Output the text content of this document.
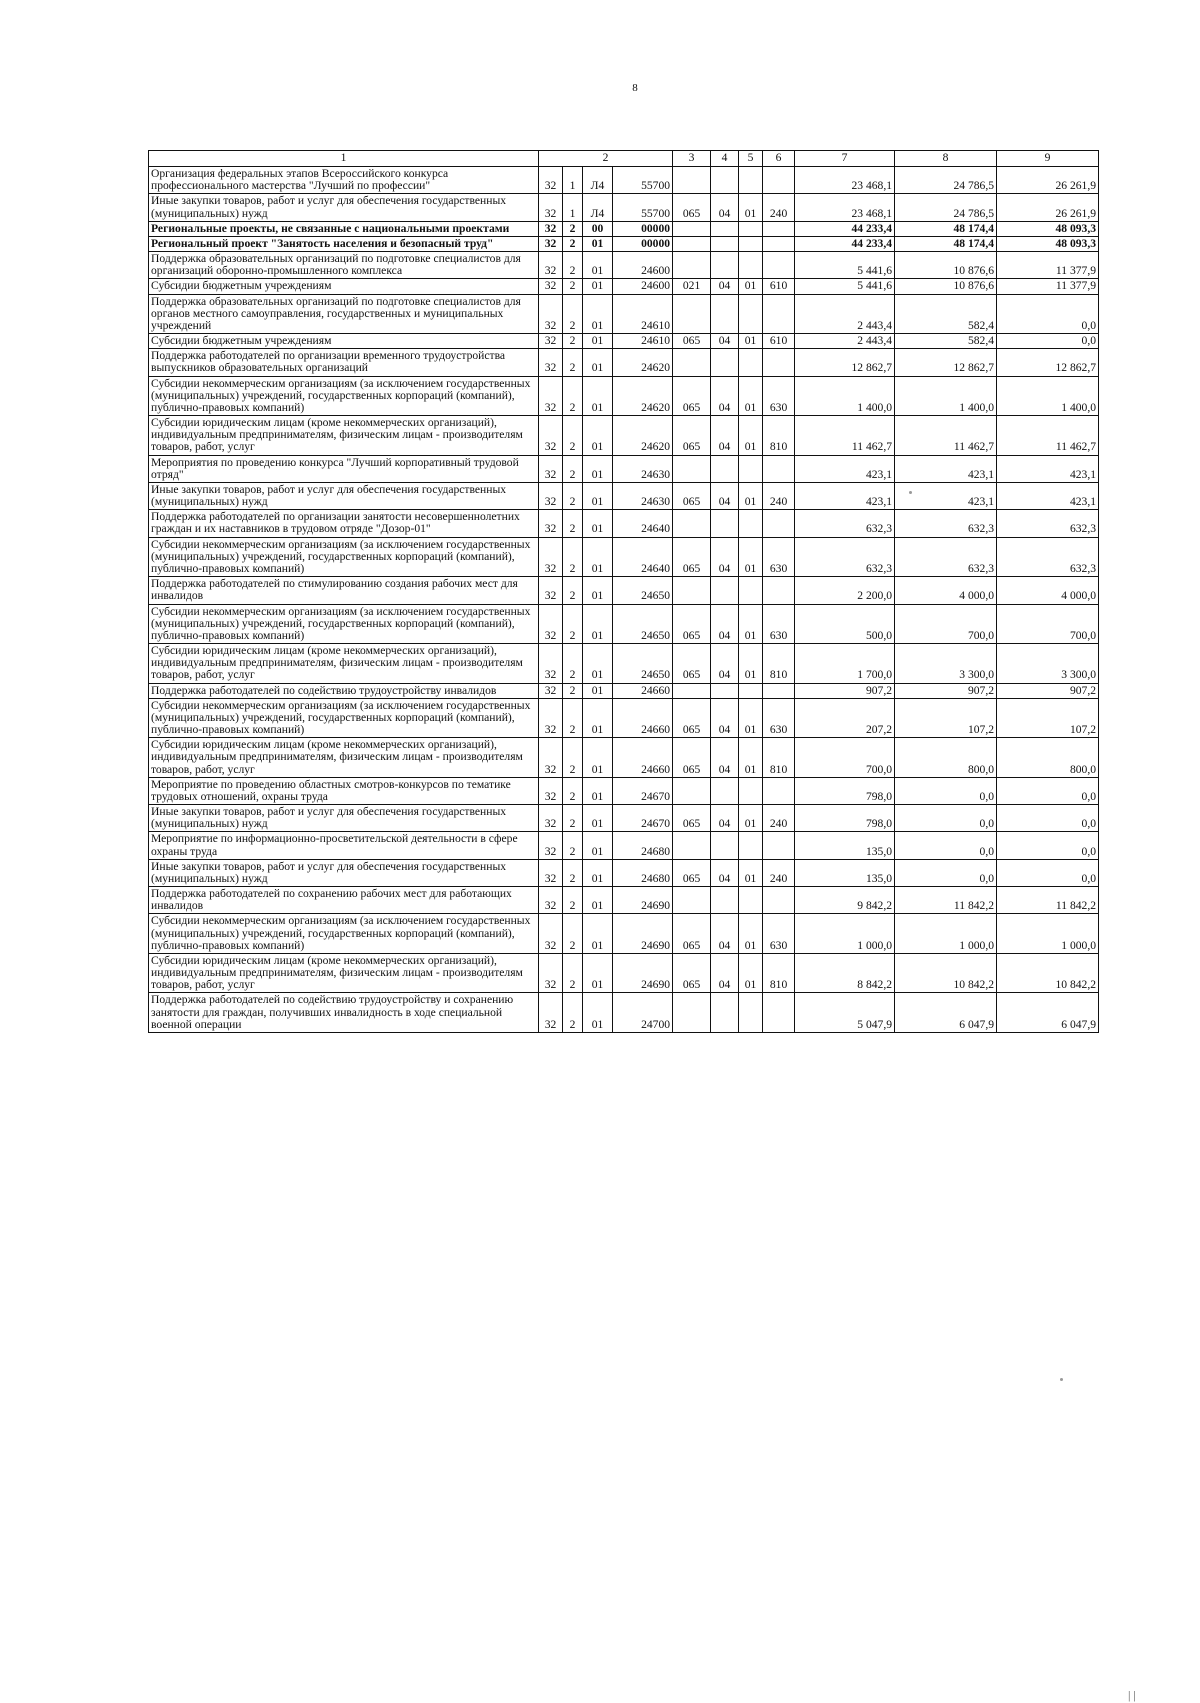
8
1	2				3	4	5	6	7	8	9
Организация федеральных этапов Всероссийского конкурса профессионального мастерства "Лучший по профессии"	32	1	Л4	55700					23 468,1	24 786,5	26 261,9
Иные закупки товаров, работ и услуг для обеспечения государственных (муниципальных) нужд	32	1	Л4	55700	065	04	01	240	23 468,1	24 786,5	26 261,9
Региональные проекты, не связанные с национальными проектами	32	2	00	00000					44 233,4	48 174,4	48 093,3
Региональный проект "Занятость населения и безопасный труд"	32	2	01	00000					44 233,4	48 174,4	48 093,3
Поддержка образовательных организаций по подготовке специалистов для организаций оборонно-промышленного комплекса	32	2	01	24600					5 441,6	10 876,6	11 377,9
Субсидии бюджетным учреждениям	32	2	01	24600	021	04	01	610	5 441,6	10 876,6	11 377,9
Поддержка образовательных организаций по подготовке специалистов для органов местного самоуправления, государственных и муниципальных учреждений	32	2	01	24610					2 443,4	582,4	0,0
Субсидии бюджетным учреждениям	32	2	01	24610	065	04	01	610	2 443,4	582,4	0,0
Поддержка работодателей по организации временного трудоустройства выпускников образовательных организаций	32	2	01	24620					12 862,7	12 862,7	12 862,7
Субсидии некоммерческим организациям (за исключением государственных (муниципальных) учреждений, государственных корпораций (компаний), публично-правовых компаний)	32	2	01	24620	065	04	01	630	1 400,0	1 400,0	1 400,0
Субсидии юридическим лицам (кроме некоммерческих организаций), индивидуальным предпринимателям, физическим лицам - производителям товаров, работ, услуг	32	2	01	24620	065	04	01	810	11 462,7	11 462,7	11 462,7
Мероприятия по проведению конкурса "Лучший корпоративный трудовой отряд"	32	2	01	24630					423,1	423,1	423,1
Иные закупки товаров, работ и услуг для обеспечения государственных (муниципальных) нужд	32	2	01	24630	065	04	01	240	423,1	423,1	423,1
Поддержка работодателей по организации занятости несовершеннолетних граждан и их наставников в трудовом отряде "Дозор-01"	32	2	01	24640					632,3	632,3	632,3
Субсидии некоммерческим организациям (за исключением государственных (муниципальных) учреждений, государственных корпораций (компаний), публично-правовых компаний)	32	2	01	24640	065	04	01	630	632,3	632,3	632,3
Поддержка работодателей по стимулированию создания рабочих мест для инвалидов	32	2	01	24650					2 200,0	4 000,0	4 000,0
Субсидии некоммерческим организациям (за исключением государственных (муниципальных) учреждений, государственных корпораций (компаний), публично-правовых компаний)	32	2	01	24650	065	04	01	630	500,0	700,0	700,0
Субсидии юридическим лицам (кроме некоммерческих организаций), индивидуальным предпринимателям, физическим лицам - производителям товаров, работ, услуг	32	2	01	24650	065	04	01	810	1 700,0	3 300,0	3 300,0
Поддержка работодателей по содействию трудоустройству инвалидов	32	2	01	24660					907,2	907,2	907,2
Субсидии некоммерческим организациям (за исключением государственных (муниципальных) учреждений, государственных корпораций (компаний), публично-правовых компаний)	32	2	01	24660	065	04	01	630	207,2	107,2	107,2
Субсидии юридическим лицам (кроме некоммерческих организаций), индивидуальным предпринимателям, физическим лицам - производителям товаров, работ, услуг	32	2	01	24660	065	04	01	810	700,0	800,0	800,0
Мероприятие по проведению областных смотров-конкурсов по тематике трудовых отношений, охраны труда	32	2	01	24670					798,0	0,0	0,0
Иные закупки товаров, работ и услуг для обеспечения государственных (муниципальных) нужд	32	2	01	24670	065	04	01	240	798,0	0,0	0,0
Мероприятие по информационно-просветительской деятельности в сфере охраны труда	32	2	01	24680					135,0	0,0	0,0
Иные закупки товаров, работ и услуг для обеспечения государственных (муниципальных) нужд	32	2	01	24680	065	04	01	240	135,0	0,0	0,0
Поддержка работодателей по сохранению рабочих мест для работающих инвалидов	32	2	01	24690					9 842,2	11 842,2	11 842,2
Субсидии некоммерческим организациям (за исключением государственных (муниципальных) учреждений, государственных корпораций (компаний), публично-правовых компаний)	32	2	01	24690	065	04	01	630	1 000,0	1 000,0	1 000,0
Субсидии юридическим лицам (кроме некоммерческих организаций), индивидуальным предпринимателям, физическим лицам - производителям товаров, работ, услуг	32	2	01	24690	065	04	01	810	8 842,2	10 842,2	10 842,2
Поддержка работодателей по содействию трудоустройству и сохранению занятости для граждан, получивших инвалидность в ходе специальной военной операции	32	2	01	24700					5 047,9	6 047,9	6 047,9
| |
